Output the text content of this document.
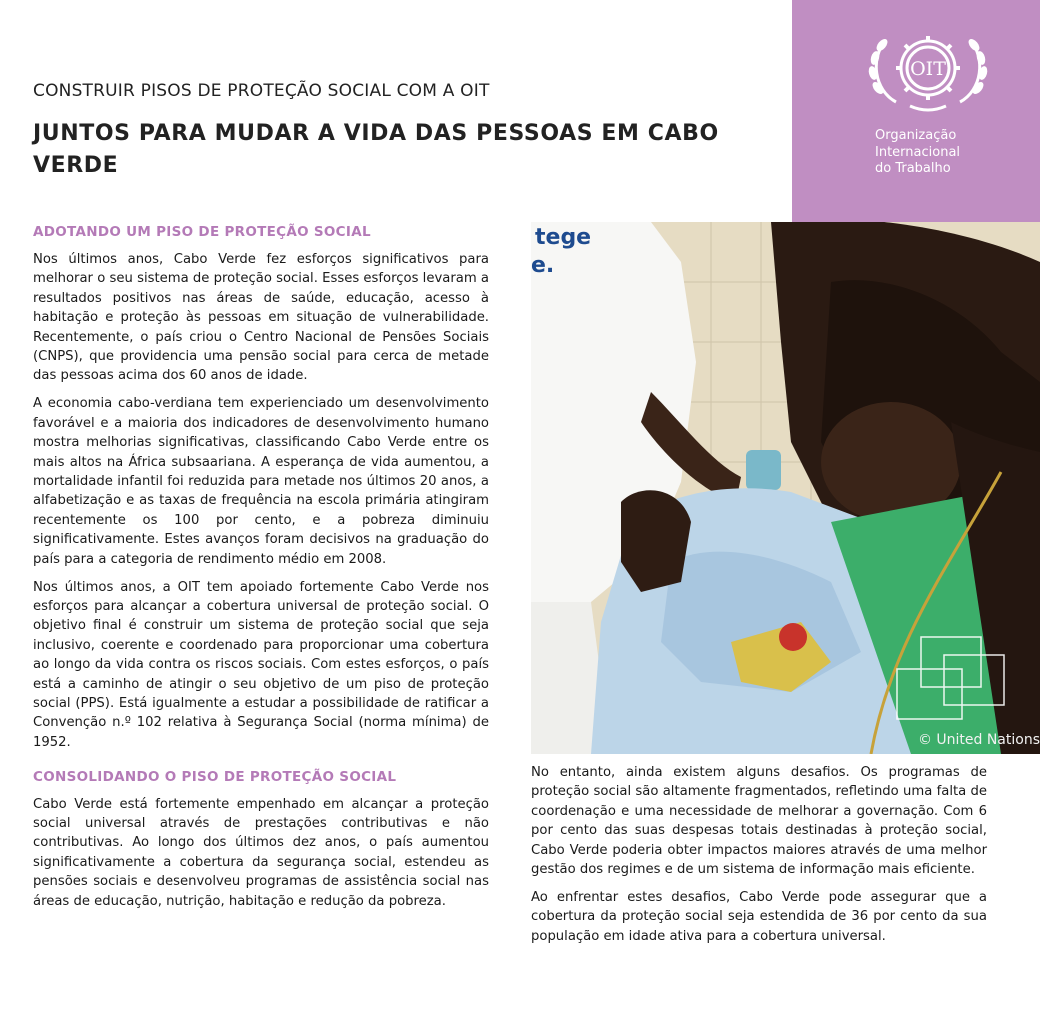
CONSTRUIR PISOS DE PROTEÇÃO SOCIAL COM A OIT
JUNTOS PARA MUDAR A VIDA DAS PESSOAS EM CABO VERDE
OIT
Organização
Internacional
do Trabalho
ADOTANDO UM PISO DE PROTEÇÃO SOCIAL

Nos últimos anos, Cabo Verde fez esforços significativos para melhorar o seu sistema de proteção social. Esses esforços levaram a resultados positivos nas áreas de saúde, educação, acesso à habitação e proteção às pessoas em situação de vulnerabilidade. Recentemente, o país criou o Centro Nacional de Pensões Sociais (CNPS), que providencia uma pensão social para cerca de metade das pessoas acima dos 60 anos de idade.

A economia cabo-verdiana tem experienciado um desenvolvimento favorável e a maioria dos indicadores de desenvolvimento humano mostra melhorias significativas, classificando Cabo Verde entre os mais altos na África subsaariana. A esperança de vida aumentou, a mortalidade infantil foi reduzida para metade nos últimos 20 anos, a alfabetização e as taxas de frequência na escola primária atingiram recentemente os 100 por cento, e a pobreza diminuiu significativamente. Estes avanços foram decisivos na graduação do país para a categoria de rendimento médio em 2008.

Nos últimos anos, a OIT tem apoiado fortemente Cabo Verde nos esforços para alcançar a cobertura universal de proteção social. O objetivo final é construir um sistema de proteção social que seja inclusivo, coerente e coordenado para proporcionar uma cobertura ao longo da vida contra os riscos sociais. Com estes esforços, o país está a caminho de atingir o seu objetivo de um piso de proteção social (PPS). Está igualmente a estudar a possibilidade de ratificar a Convenção n.º 102 relativa à Segurança Social (norma mínima) de 1952.

CONSOLIDANDO O PISO DE PROTEÇÃO SOCIAL

Cabo Verde está fortemente empenhado em alcançar a proteção social universal através de prestações contributivas e não contributivas. Ao longo dos últimos dez anos, o país aumentou significativamente a cobertura da segurança social, estendeu as pensões sociais e desenvolveu programas de assistência social nas áreas de educação, nutrição, habitação e redução da pobreza.

tege
e.
© United Nations

No entanto, ainda existem alguns desafios. Os programas de proteção social são altamente fragmentados, refletindo uma falta de coordenação e uma necessidade de melhorar a governação. Com 6 por cento das suas despesas totais destinadas à proteção social, Cabo Verde poderia obter impactos maiores através de uma melhor gestão dos regimes e de um sistema de informação mais eficiente.

Ao enfrentar estes desafios, Cabo Verde pode assegurar que a cobertura da proteção social seja estendida de 36 por cento da sua população em idade ativa para a cobertura universal.
